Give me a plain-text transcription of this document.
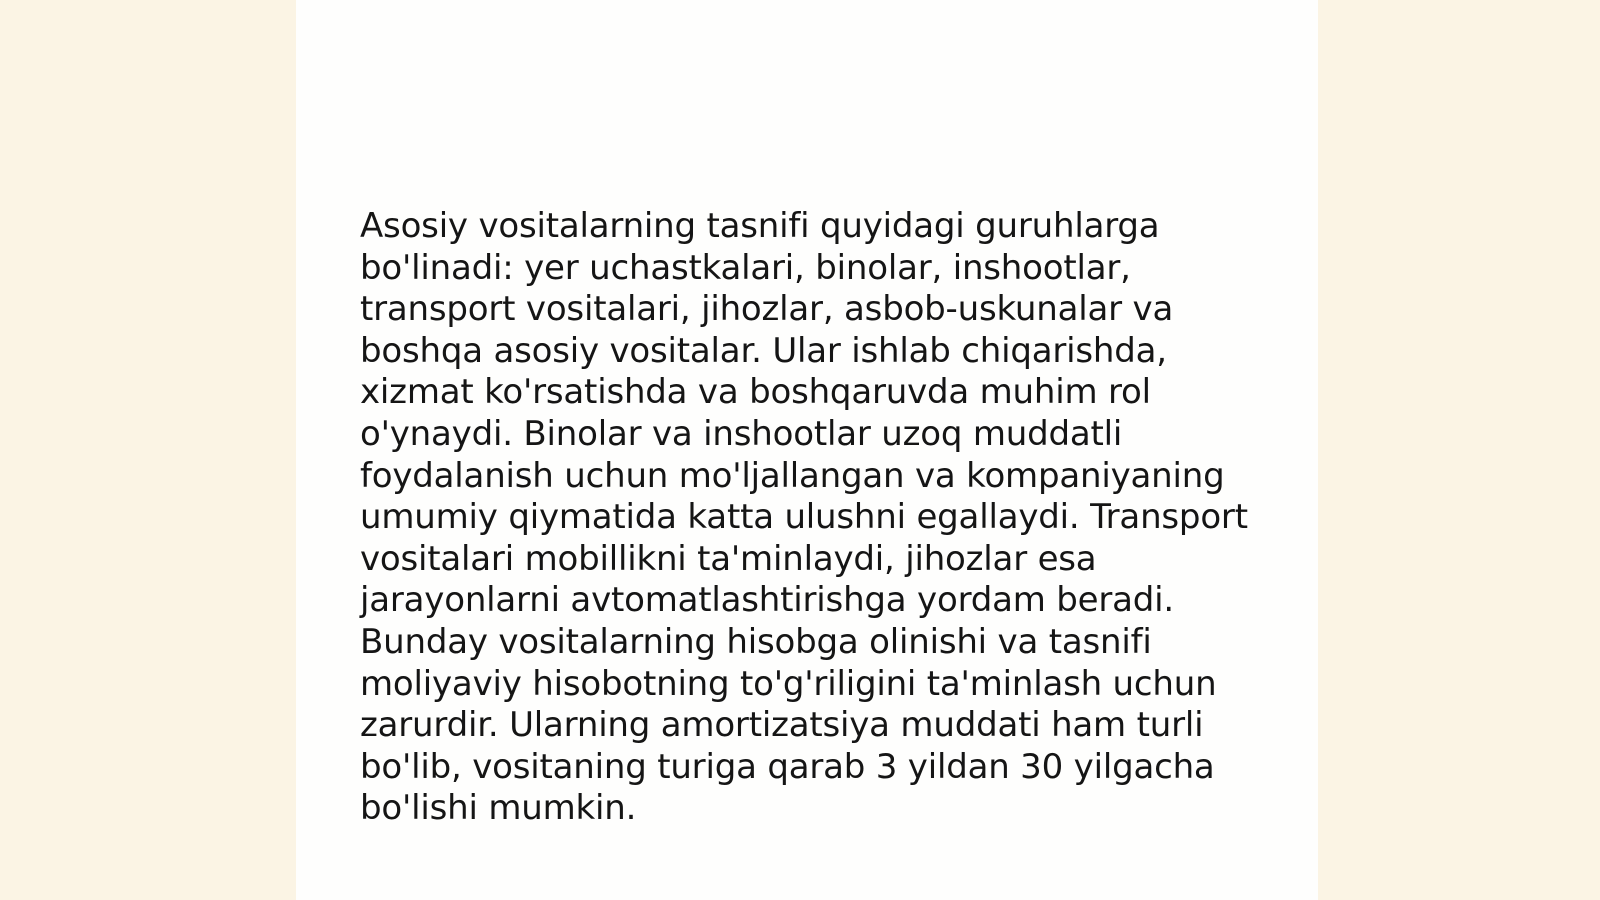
Asosiy vositalarning tasnifi quyidagi guruhlarga
bo'linadi: yer uchastkalari, binolar, inshootlar,
transport vositalari, jihozlar, asbob-uskunalar va
boshqa asosiy vositalar. Ular ishlab chiqarishda,
xizmat ko'rsatishda va boshqaruvda muhim rol
o'ynaydi. Binolar va inshootlar uzoq muddatli
foydalanish uchun mo'ljallangan va kompaniyaning
umumiy qiymatida katta ulushni egallaydi. Transport
vositalari mobillikni ta'minlaydi, jihozlar esa
jarayonlarni avtomatlashtirishga yordam beradi.
Bunday vositalarning hisobga olinishi va tasnifi
moliyaviy hisobotning to'g'riligini ta'minlash uchun
zarurdir. Ularning amortizatsiya muddati ham turli
bo'lib, vositaning turiga qarab 3 yildan 30 yilgacha
bo'lishi mumkin.
